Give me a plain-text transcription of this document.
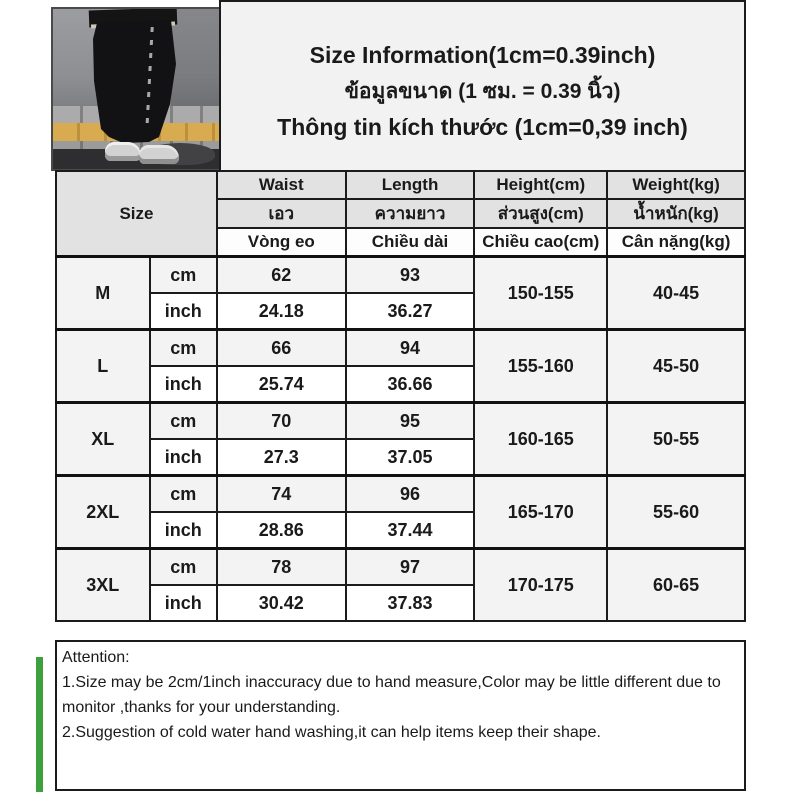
Size Information(1cm=0.39inch)
ข้อมูลขนาด (1 ซม. = 0.39 นิ้ว)
Thông tin kích thước (1cm=0,39 inch)
Size		Waist	Length	Height(cm)	Weight(kg)
		เอว	ความยาว	ส่วนสูง(cm)	น้ำหนัก(kg)
		Vòng eo	Chiều dài	Chiều cao(cm)	Cân nặng(kg)
M	cm	62	93	150-155	40-45
	inch	24.18	36.27		
L	cm	66	94	155-160	45-50
	inch	25.74	36.66		
XL	cm	70	95	160-165	50-55
	inch	27.3	37.05		
2XL	cm	74	96	165-170	55-60
	inch	28.86	37.44		
3XL	cm	78	97	170-175	60-65
	inch	30.42	37.83		
Attention:
1.Size may be 2cm/1inch inaccuracy due to hand measure,Color may be little different due to monitor ,thanks for your understanding.
2.Suggestion of cold water hand washing,it can help items keep their shape.
